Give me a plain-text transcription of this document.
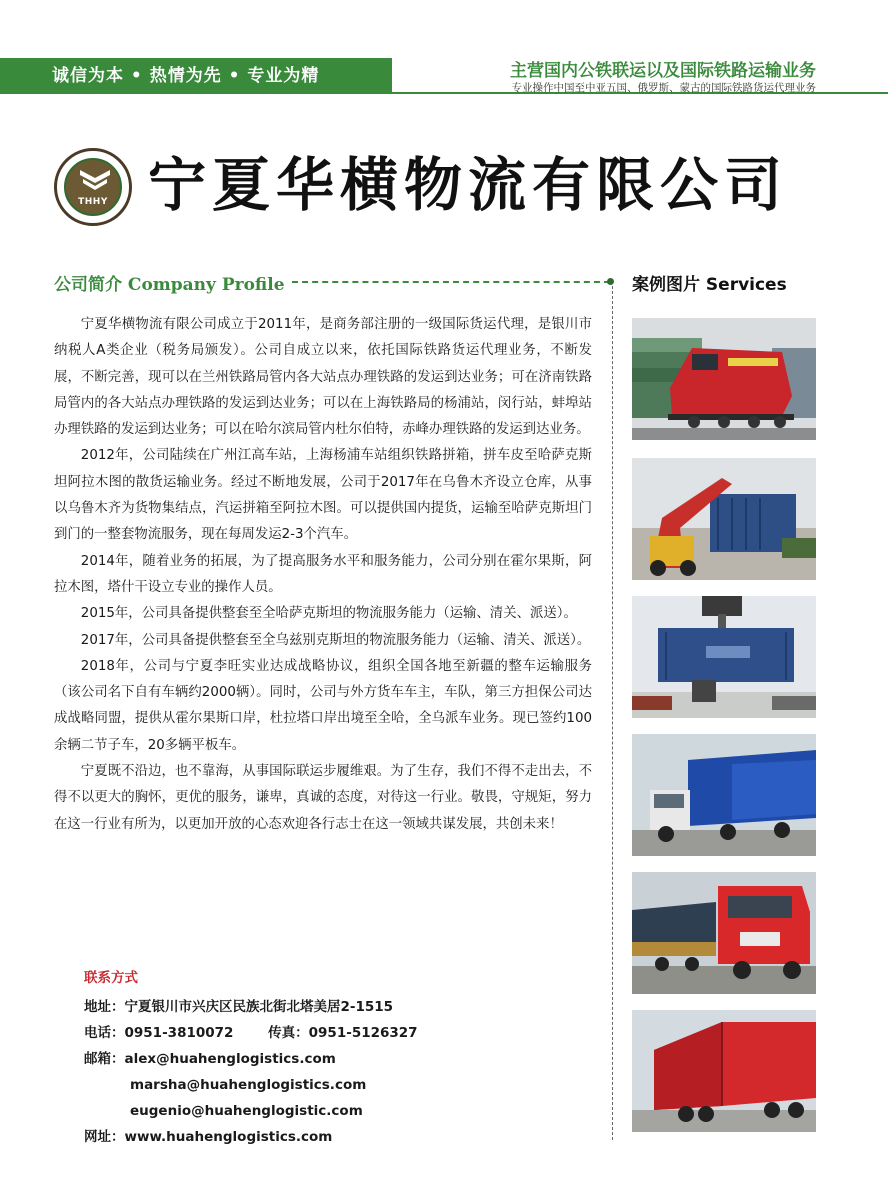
诚信为本 • 热情为先 • 专业为精	主营国内公铁联运以及国际铁路运输业务
专业操作中国至中亚五国、俄罗斯、蒙古的国际铁路货运代理业务
THHY 宁夏华横物流有限公司
公司简介 Company Profile	案例图片 Services

宁夏华横物流有限公司成立于2011年，是商务部注册的一级国际货运代理，是银川市纳税人A类企业（税务局颁发）。公司自成立以来，依托国际铁路货运代理业务，不断发展，不断完善，现可以在兰州铁路局管内各大站点办理铁路的发运到达业务；可在济南铁路局管内的各大站点办理铁路的发运到达业务；可以在上海铁路局的杨浦站，闵行站，蚌埠站办理铁路的发运到达业务；可以在哈尔滨局管内杜尔伯特，赤峰办理铁路的发运到达业务。

2012年，公司陆续在广州江高车站，上海杨浦车站组织铁路拼箱，拼车皮至哈萨克斯坦阿拉木图的散货运输业务。经过不断地发展，公司于2017年在乌鲁木齐设立仓库，从事以乌鲁木齐为货物集结点，汽运拼箱至阿拉木图。可以提供国内提货，运输至哈萨克斯坦门到门的一整套物流服务，现在每周发运2-3个汽车。

2014年，随着业务的拓展，为了提高服务水平和服务能力，公司分别在霍尔果斯，阿拉木图，塔什干设立专业的操作人员。

2015年，公司具备提供整套至全哈萨克斯坦的物流服务能力（运输、清关、派送）。

2017年，公司具备提供整套至全乌兹别克斯坦的物流服务能力（运输、清关、派送）。

2018年，公司与宁夏李旺实业达成战略协议，组织全国各地至新疆的整车运输服务（该公司名下自有车辆约2000辆）。同时，公司与外方货车车主，车队，第三方担保公司达成战略同盟，提供从霍尔果斯口岸，杜拉塔口岸出境至全哈，全乌派车业务。现已签约100余辆二节子车，20多辆平板车。

宁夏既不沿边，也不靠海，从事国际联运步履维艰。为了生存，我们不得不走出去，不得不以更大的胸怀，更优的服务，谦卑，真诚的态度，对待这一行业。敬畏，守规矩，努力在这一行业有所为，以更加开放的心态欢迎各行志士在这一领域共谋发展，共创未来！

联系方式
地址：宁夏银川市兴庆区民族北街北塔美居2-1515
电话：0951-3810072	传真：0951-5126327
邮箱：alex@huahenglogistics.com
marsha@huahenglogistics.com
eugenio@huahenglogistic.com
网址：www.huahenglogistics.com
